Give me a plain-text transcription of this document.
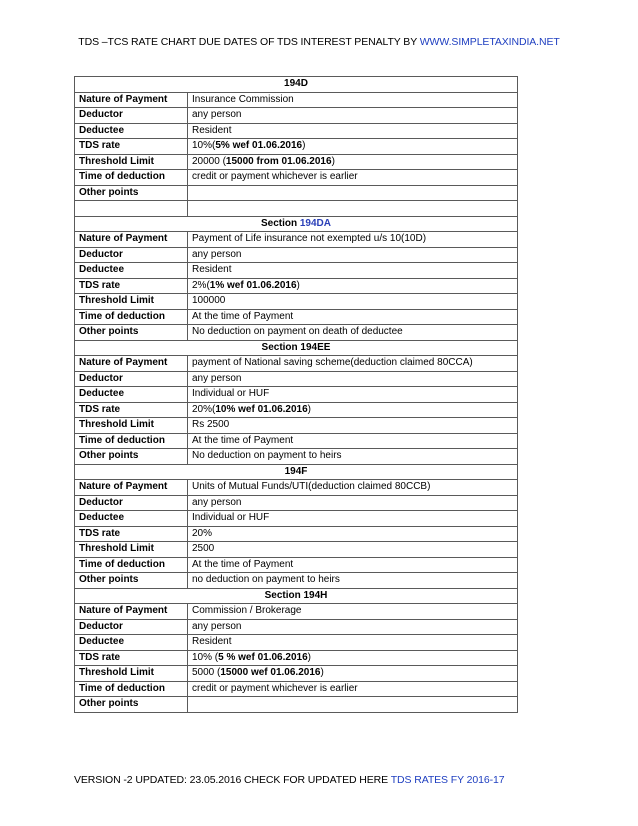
TDS –TCS RATE CHART DUE DATES OF TDS INTEREST PENALTY BY WWW.SIMPLETAXINDIA.NET
194D	
Nature of Payment	Insurance Commission
Deductor	any person
Deductee	Resident
TDS rate	10%(5% wef 01.06.2016)
Threshold Limit	20000 (15000 from 01.06.2016)
Time of deduction	credit or payment whichever is earlier
Other points	

Section 194DA	
Nature of Payment	Payment of Life insurance not exempted u/s 10(10D)
Deductor	any person
Deductee	Resident
TDS rate	2%(1% wef 01.06.2016)
Threshold Limit	100000
Time of deduction	At the time of Payment
Other points	No deduction on payment on death of deductee
Section 194EE	
Nature of Payment	payment of National saving scheme(deduction claimed 80CCA)
Deductor	any person
Deductee	Individual or HUF
TDS rate	20%(10% wef 01.06.2016)
Threshold Limit	Rs 2500
Time of deduction	At the time of Payment
Other points	No deduction on payment to heirs
194F	
Nature of Payment	Units of Mutual Funds/UTI(deduction claimed 80CCB)
Deductor	any person
Deductee	Individual or HUF
TDS rate	20%
Threshold Limit	2500
Time of deduction	At the time of Payment
Other points	no deduction on payment to heirs
Section 194H	
Nature of Payment	Commission / Brokerage
Deductor	any person
Deductee	Resident
TDS rate	10% (5 % wef 01.06.2016)
Threshold Limit	5000 (15000 wef 01.06.2016)
Time of deduction	credit or payment whichever is earlier
Other points	
VERSION -2 UPDATED: 23.05.2016 CHECK FOR UPDATED HERE TDS RATES FY 2016-17
